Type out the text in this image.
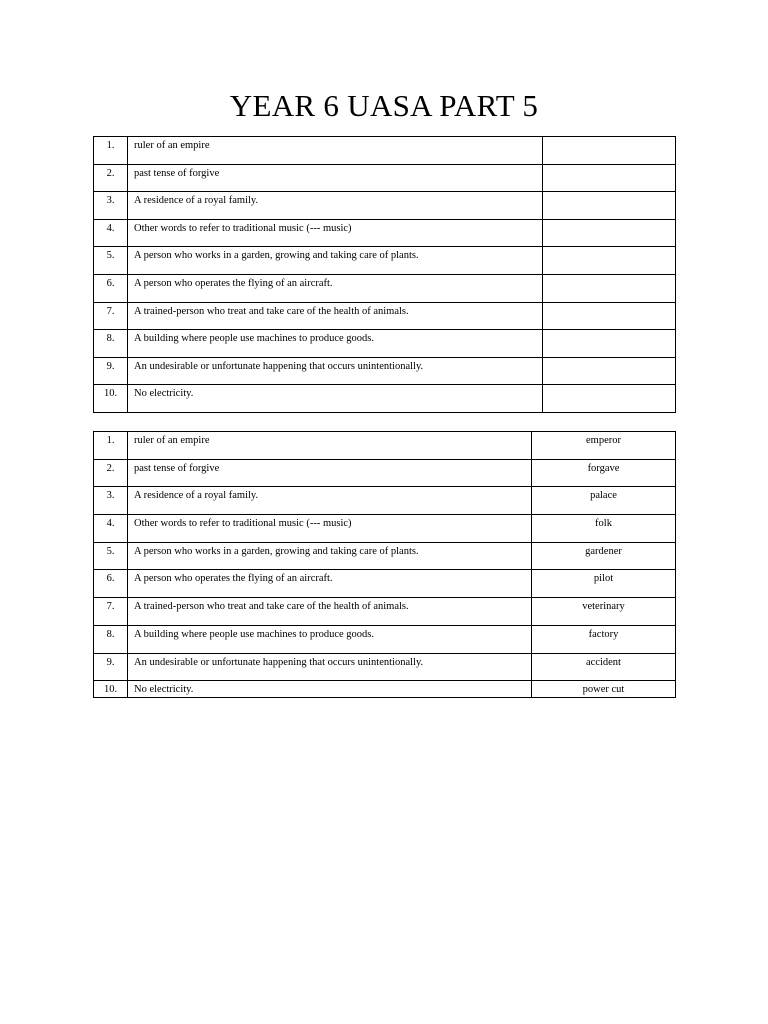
YEAR 6 UASA PART 5
1.	ruler of an empire	
2.	past tense of forgive	
3.	A residence of a royal family.	
4.	Other words to refer to traditional music (--- music)	
5.	A person who works in a garden, growing and taking care of plants.	
6.	A person who operates the flying of an aircraft.	
7.	A trained-person who treat and take care of the health of animals.	
8.	A building where people use machines to produce goods.	
9.	An undesirable or unfortunate happening that occurs unintentionally.	
10.	No electricity.	
1.	ruler of an empire	emperor
2.	past tense of forgive	forgave
3.	A residence of a royal family.	palace
4.	Other words to refer to traditional music (--- music)	folk
5.	A person who works in a garden, growing and taking care of plants.	gardener
6.	A person who operates the flying of an aircraft.	pilot
7.	A trained-person who treat and take care of the health of animals.	veterinary
8.	A building where people use machines to produce goods.	factory
9.	An undesirable or unfortunate happening that occurs unintentionally.	accident
10.	No electricity.	power cut
